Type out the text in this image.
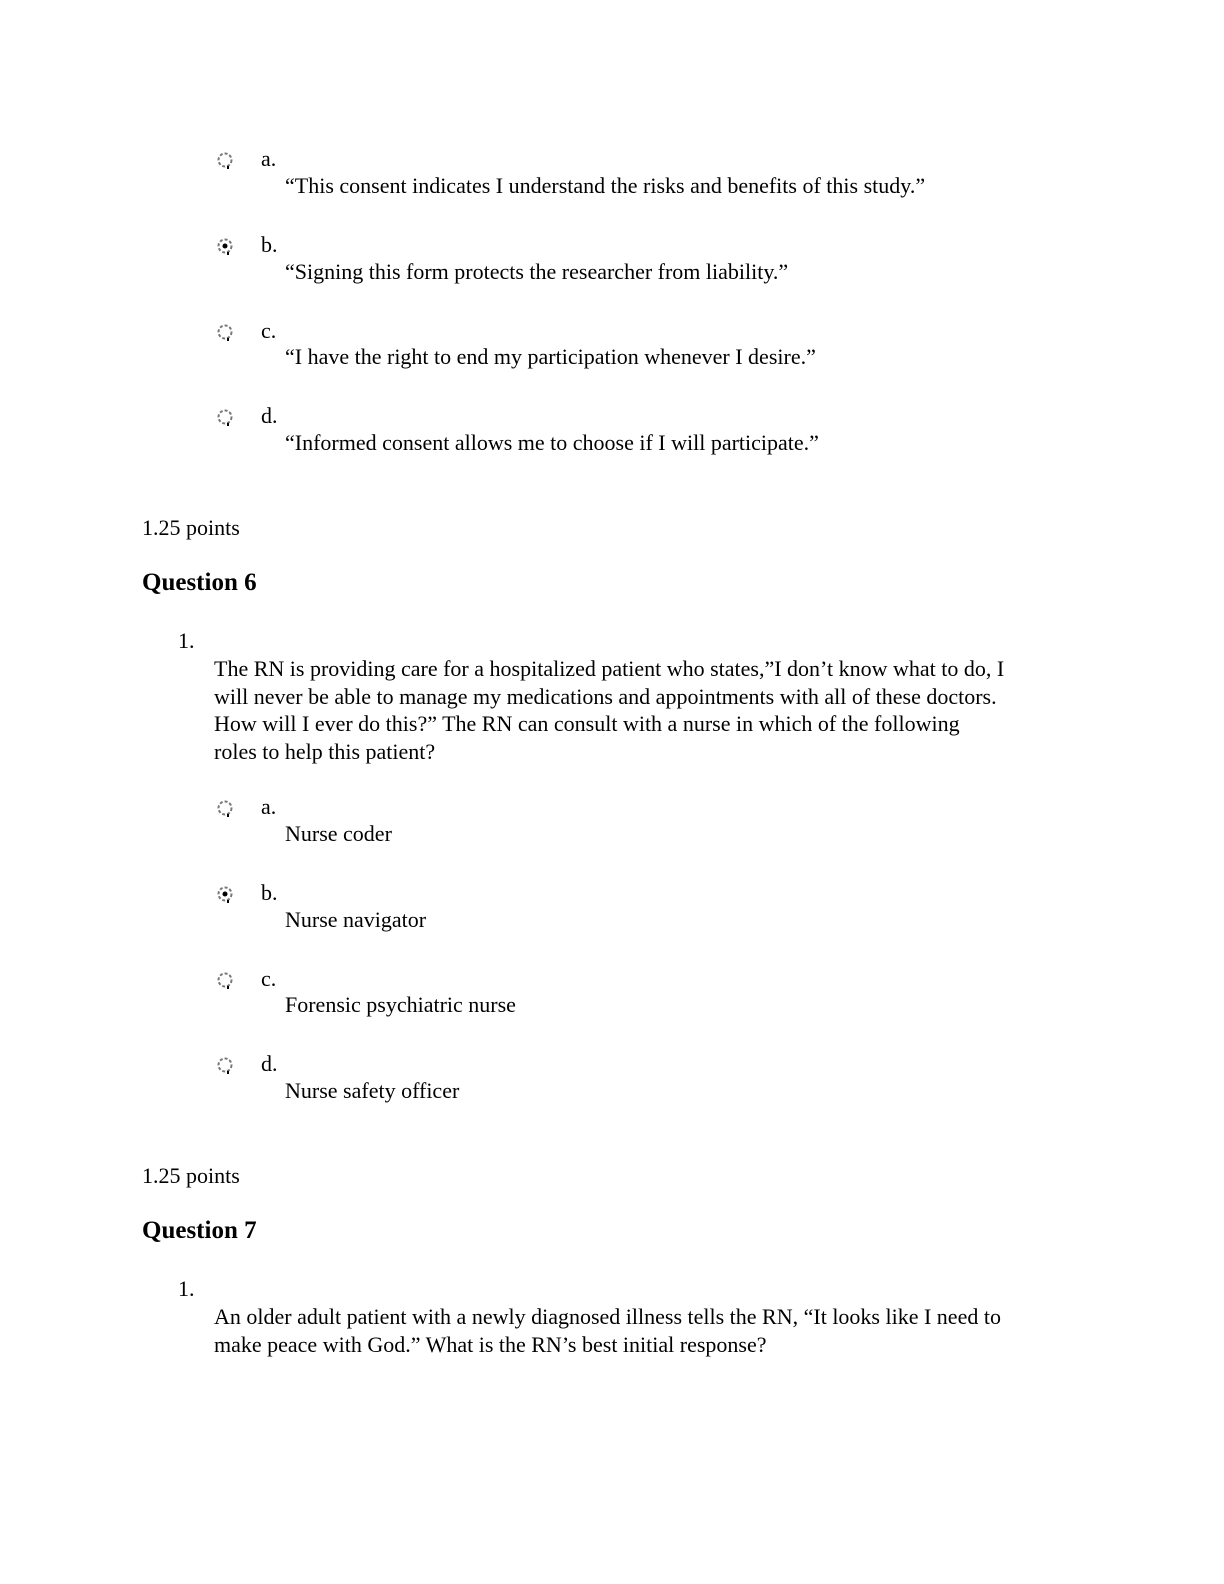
a.
“This consent indicates I understand the risks and benefits of this study.”
b.
“Signing this form protects the researcher from liability.”
c.
“I have the right to end my participation whenever I desire.”
d.
“Informed consent allows me to choose if I will participate.”
1.25 points
Question 6
1.
The RN is providing care for a hospitalized patient who states,”I don’t know what to do, I
will never be able to manage my medications and appointments with all of these doctors.
How will I ever do this?” The RN can consult with a nurse in which of the following
roles to help this patient?
a.
Nurse coder
b.
Nurse navigator
c.
Forensic psychiatric nurse
d.
Nurse safety officer
1.25 points
Question 7
1.
An older adult patient with a newly diagnosed illness tells the RN, “It looks like I need to
make peace with God.” What is the RN’s best initial response?
